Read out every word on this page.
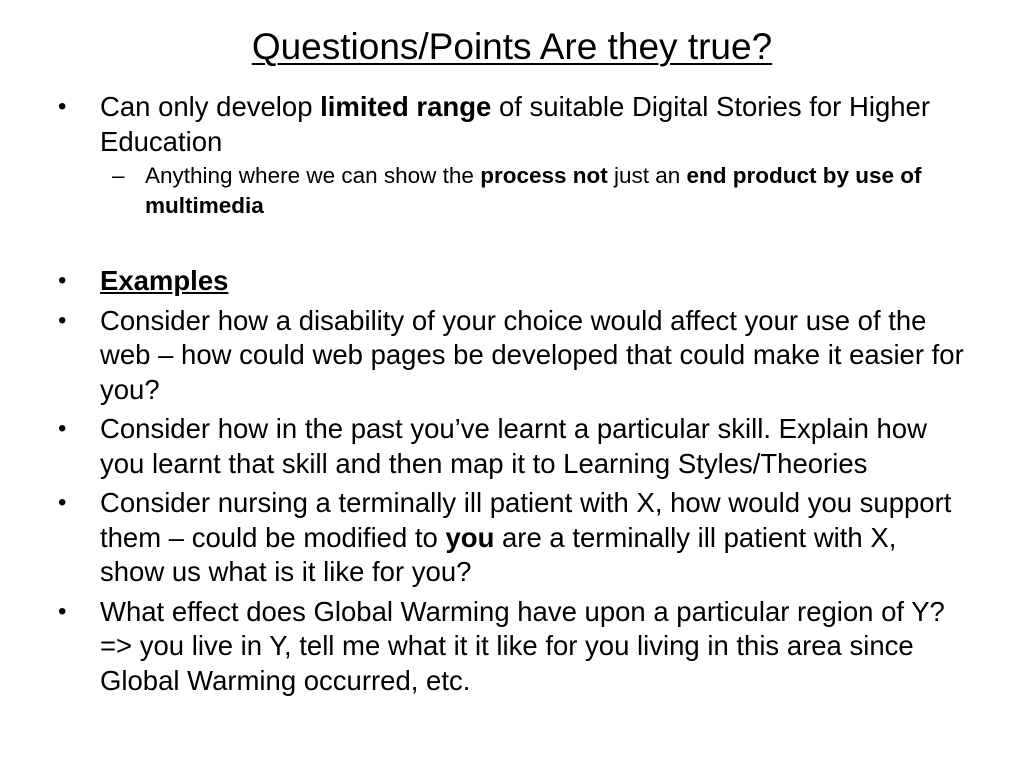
Questions/Points Are they true?
• Can only develop limited range of suitable Digital Stories for Higher Education
– Anything where we can show the process not just an end product by use of multimedia
• Examples
• Consider how a disability of your choice would affect your use of the web – how could web pages be developed that could make it easier for you?
• Consider how in the past you’ve learnt a particular skill. Explain how you learnt that skill and then map it to Learning Styles/Theories
• Consider nursing a terminally ill patient with X, how would you support them – could be modified to you are a terminally ill patient with X, show us what is it like for you?
• What effect does Global Warming have upon a particular region of Y? => you live in Y, tell me what it it like for you living in this area since Global Warming occurred, etc.
